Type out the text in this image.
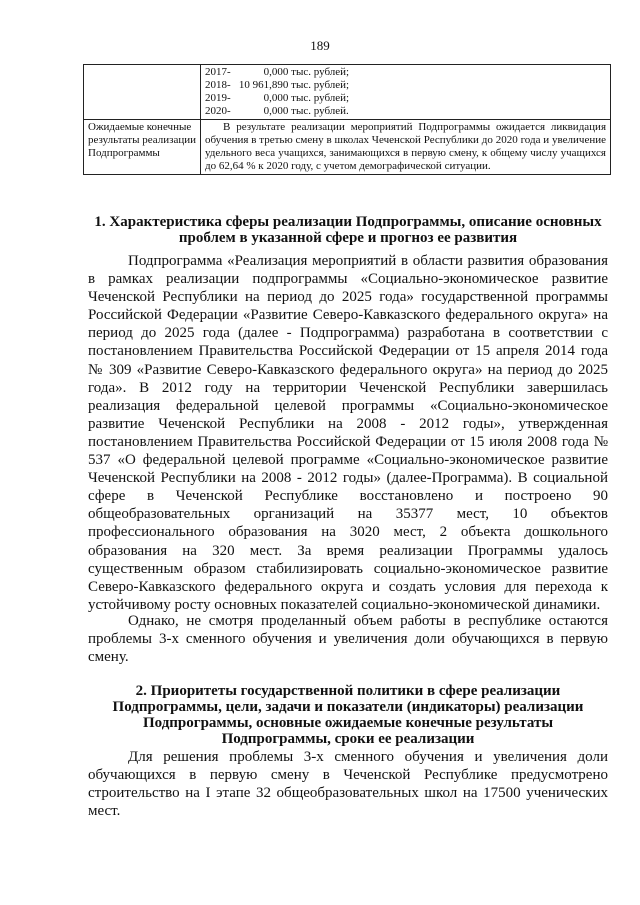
189

	2017-            0,000 тыс. рублей;
2018-   10 961,890 тыс. рублей;
2019-            0,000 тыс. рублей;
2020-            0,000 тыс. рублей.

Ожидаемые конечные результаты реализации Подпрограммы	В результате реализации мероприятий Подпрограммы ожидается ликвидация обучения в третью смену в школах Чеченской Республики до 2020 года и увеличение удельного веса учащихся, занимающихся в первую смену, к общему числу учащихся до 62,64 % к 2020 году, с учетом демографической ситуации.
1. Характеристика сферы реализации Подпрограммы, описание основных проблем в указанной сфере и прогноз ее развития

Подпрограмма «Реализация мероприятий в области развития образования в рамках реализации подпрограммы «Социально-экономическое развитие Чеченской Республики на период до 2025 года» государственной программы Российской Федерации «Развитие Северо-Кавказского федерального округа» на период до 2025 года (далее - Подпрограмма) разработана в соответствии с постановлением Правительства Российской Федерации от 15 апреля 2014 года № 309 «Развитие Северо-Кавказского федерального округа» на период до 2025 года». В 2012 году на территории Чеченской Республики завершилась реализация федеральной целевой программы «Социально-экономическое развитие Чеченской Республики на 2008 - 2012 годы», утвержденная постановлением Правительства Российской Федерации от 15 июля 2008 года № 537 «О федеральной целевой программе «Социально-экономическое развитие Чеченской Республики на 2008 - 2012 годы» (далее-Программа). В социальной сфере в Чеченской Республике восстановлено и построено 90 общеобразовательных организаций на 35377 мест, 10 объектов профессионального образования на 3020 мест, 2 объекта дошкольного образования на 320 мест. За время реализации Программы удалось существенным образом стабилизировать социально-экономическое развитие Северо-Кавказского федерального округа и создать условия для перехода к устойчивому росту основных показателей социально-экономической динамики.

Однако, не смотря проделанный объем работы в республике остаются проблемы 3-х сменного обучения и увеличения доли обучающихся в первую смену.

2. Приоритеты государственной политики в сфере реализации Подпрограммы, цели, задачи и показатели (индикаторы) реализации Подпрограммы, основные ожидаемые конечные результаты Подпрограммы, сроки ее реализации

Для решения проблемы 3-х сменного обучения и увеличения доли обучающихся в первую смену в Чеченской Республике предусмотрено строительство на I этапе 32 общеобразовательных школ на 17500 ученических мест.
